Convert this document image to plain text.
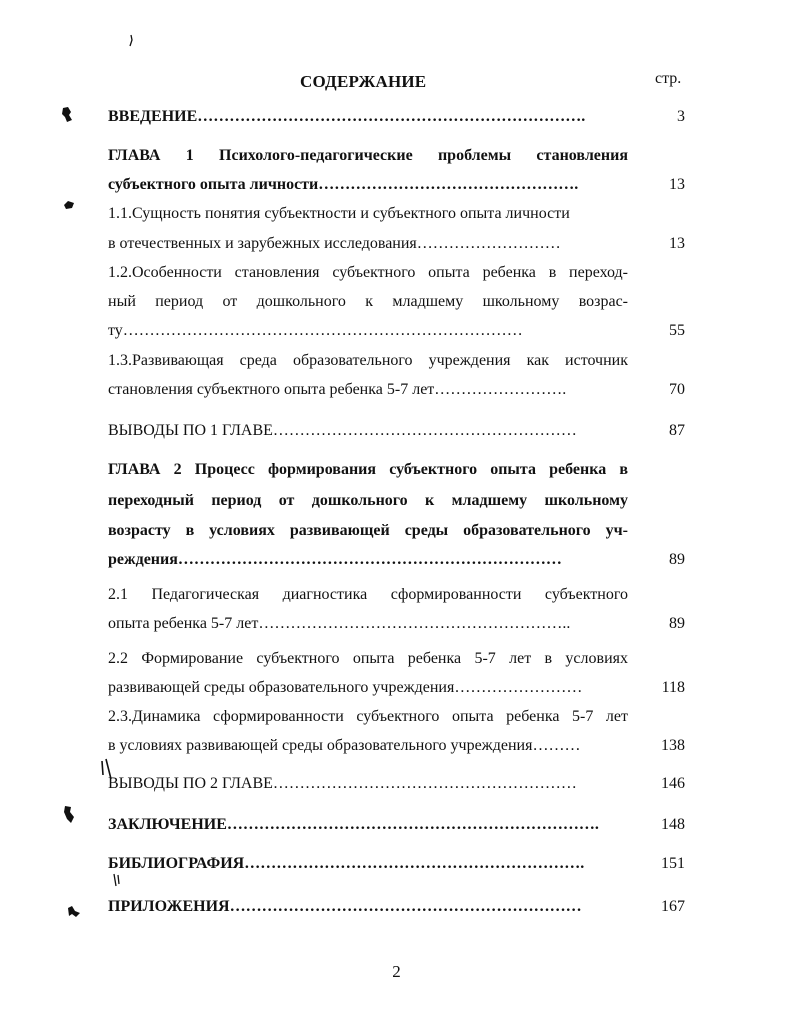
СОДЕРЖАНИЕ	стр.
ВВЕДЕНИЕ……………………………………………………………….	3
ГЛАВА 1 Психолого-педагогические проблемы становления
субъектного опыта личности………………………………………….	13
1.1.Сущность понятия субъектности и субъектного опыта личности
в отечественных и зарубежных исследования………………………	13
1.2.Особенности становления субъектного опыта ребенка в переход-
ный период от дошкольного к младшему школьному возрас-
ту…………………………………………………………………	55
1.3.Развивающая среда образовательного учреждения как источник
становления субъектного опыта ребенка 5-7 лет…………………….	70
ВЫВОДЫ ПО 1 ГЛАВЕ…………………………………………………	87
ГЛАВА 2 Процесс формирования субъектного опыта ребенка в
переходный период от дошкольного к младшему школьному
возрасту в условиях развивающей среды образовательного уч-
реждения………………………………………………………………	89
2.1 Педагогическая диагностика сформированности субъектного
опыта ребенка 5-7 лет…………………………………………………..	89
2.2 Формирование субъектного опыта ребенка 5-7 лет в условиях
развивающей среды образовательного учреждения……………………	118
2.3.Динамика сформированности субъектного опыта ребенка 5-7 лет
в условиях развивающей среды образовательного учреждения………	138
ВЫВОДЫ ПО 2 ГЛАВЕ…………………………………………………	146
ЗАКЛЮЧЕНИЕ…………………………………………………………….	148
БИБЛИОГРАФИЯ……………………………………………………….	151
ПРИЛОЖЕНИЯ…………………………………………………………	167
2
